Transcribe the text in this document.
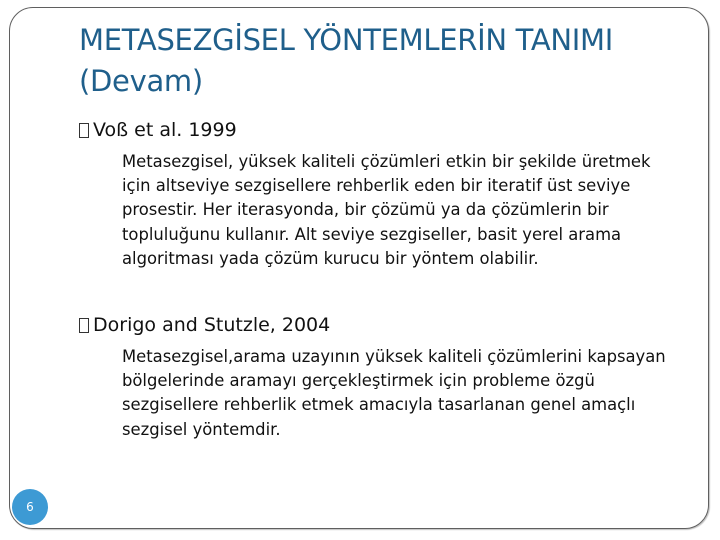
METASEZGİSEL YÖNTEMLERİN TANIMI (Devam)
Voß et al. 1999

Metasezgisel, yüksek kaliteli çözümleri etkin bir şekilde üretmek için altseviye sezgisellere rehberlik eden bir iteratif üst seviye prosestir. Her iterasyonda, bir çözümü ya da çözümlerin bir topluluğunu kullanır. Alt seviye sezgiseller, basit yerel arama algoritması yada çözüm kurucu bir yöntem olabilir.

Dorigo and Stutzle, 2004

Metasezgisel,arama uzayının yüksek kaliteli çözümlerini kapsayan bölgelerinde aramayı gerçekleştirmek için probleme özgü sezgisellere rehberlik etmek amacıyla tasarlanan genel amaçlı sezgisel yöntemdir.

6
